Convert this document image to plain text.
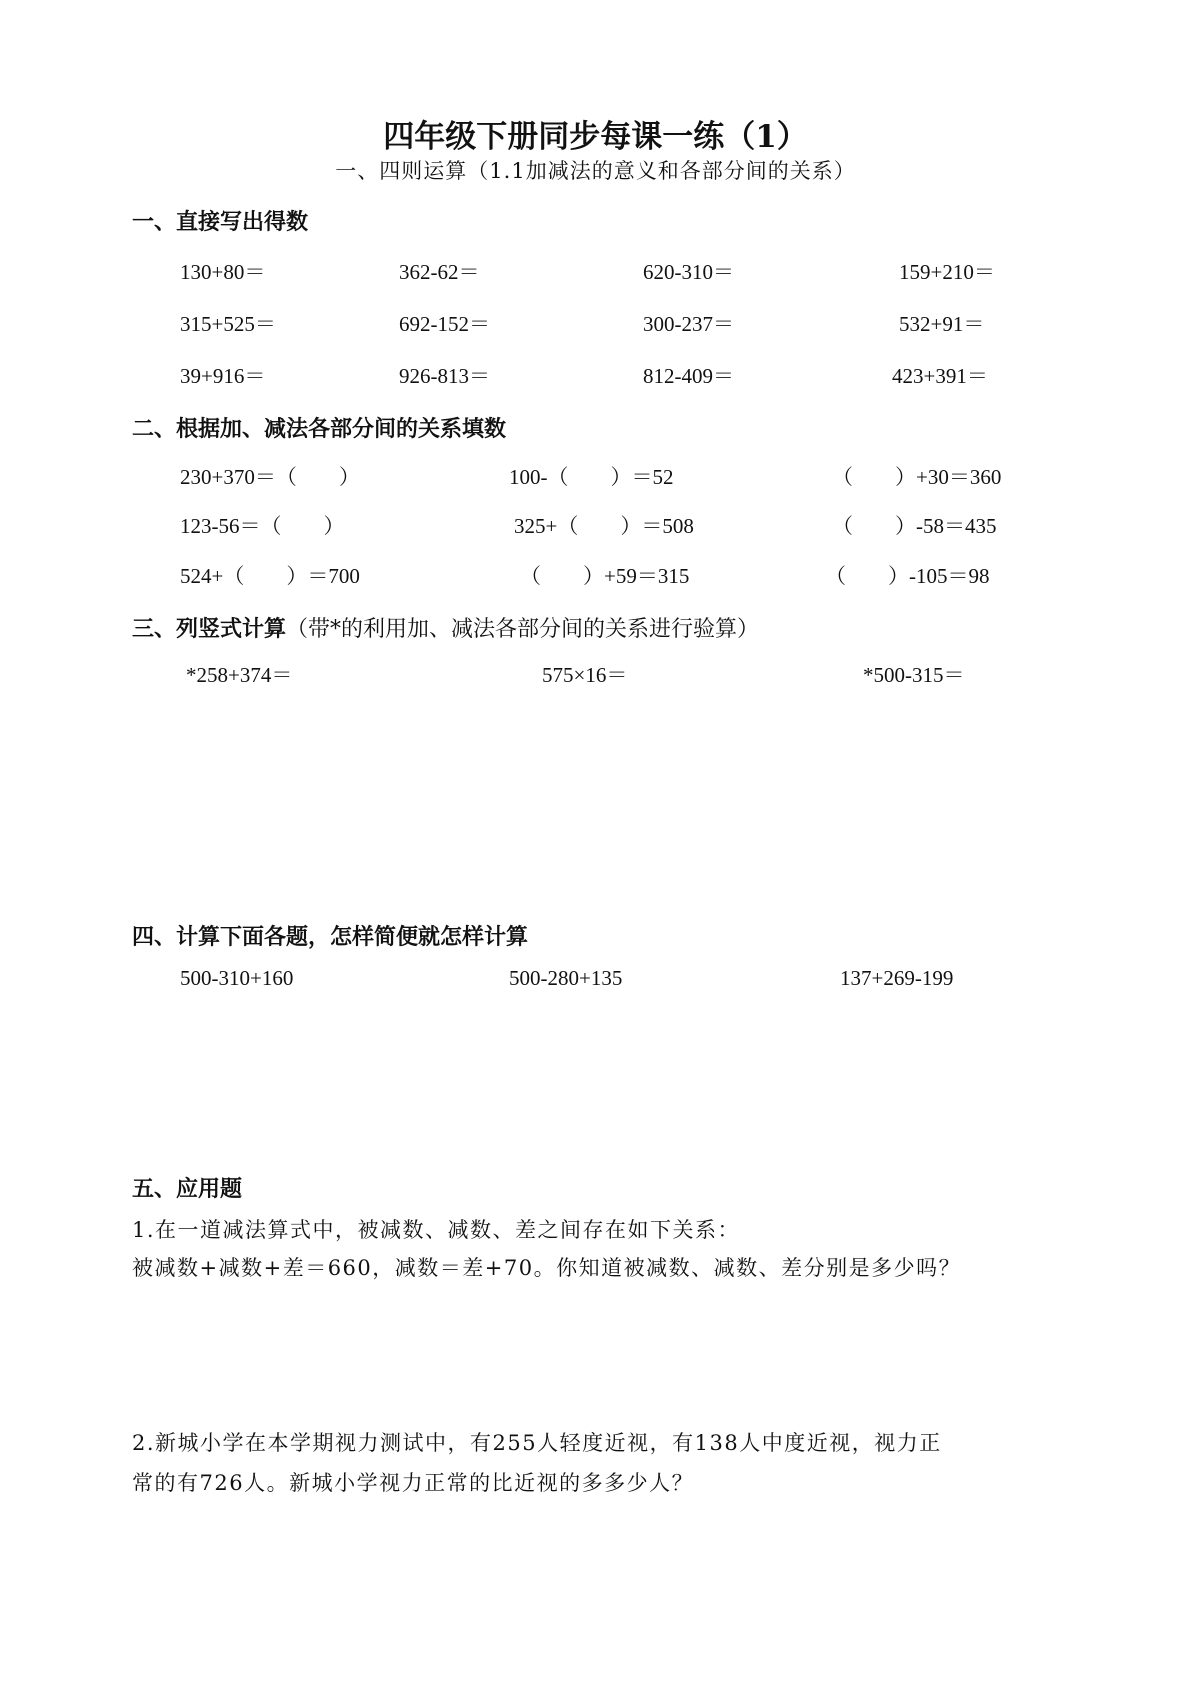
四年级下册同步每课一练（1）
一、四则运算（1.1加减法的意义和各部分间的关系）
一、直接写出得数
130+80＝	362-62＝	620-310＝	159+210＝
315+525＝	692-152＝	300-237＝	532+91＝
39+916＝	926-813＝	812-409＝	423+391＝
二、根据加、减法各部分间的关系填数
230+370＝（　　）	100-（　　）＝52	（　　）+30＝360
123-56＝（　　）	325+（　　）＝508	（　　）-58＝435
524+（　　）＝700	（　　）+59＝315	（　　）-105＝98
三、列竖式计算（带*的利用加、减法各部分间的关系进行验算）
*258+374＝	575×16＝	*500-315＝
四、计算下面各题，怎样简便就怎样计算
500-310+160	500-280+135	137+269-199
五、应用题
1.在一道减法算式中，被减数、减数、差之间存在如下关系：
被减数+减数+差＝660，减数＝差+70。你知道被减数、减数、差分别是多少吗？
2.新城小学在本学期视力测试中，有255人轻度近视，有138人中度近视，视力正
常的有726人。新城小学视力正常的比近视的多多少人？
